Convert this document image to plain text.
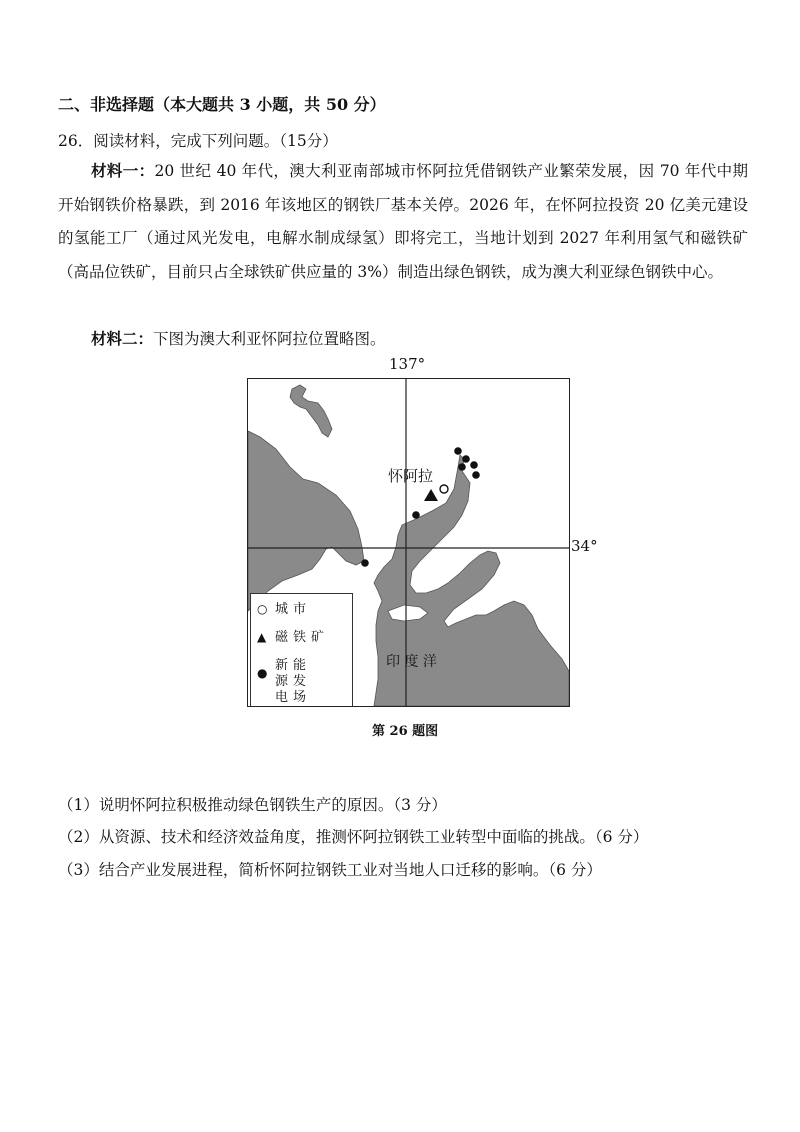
二、非选择题（本大题共 3 小题，共 50 分）
26．阅读材料，完成下列问题。（15分）
材料一：20 世纪 40 年代，澳大利亚南部城市怀阿拉凭借钢铁产业繁荣发展，因 70 年代中期开始钢铁价格暴跌，到 2016 年该地区的钢铁厂基本关停。2026 年，在怀阿拉投资 20 亿美元建设的氢能工厂（通过风光发电，电解水制成绿氢）即将完工，当地计划到 2027 年利用氢气和磁铁矿（高品位铁矿，目前只占全球铁矿供应量的 3%）制造出绿色钢铁，成为澳大利亚绿色钢铁中心。
材料二：下图为澳大利亚怀阿拉位置略图。
137°
34°
怀阿拉
印 度 洋
○ 城市
▲ 磁铁矿
● 新能源发电场
第 26 题图
（1）说明怀阿拉积极推动绿色钢铁生产的原因。（3 分）
（2）从资源、技术和经济效益角度，推测怀阿拉钢铁工业转型中面临的挑战。（6 分）
（3）结合产业发展进程，简析怀阿拉钢铁工业对当地人口迁移的影响。（6 分）
